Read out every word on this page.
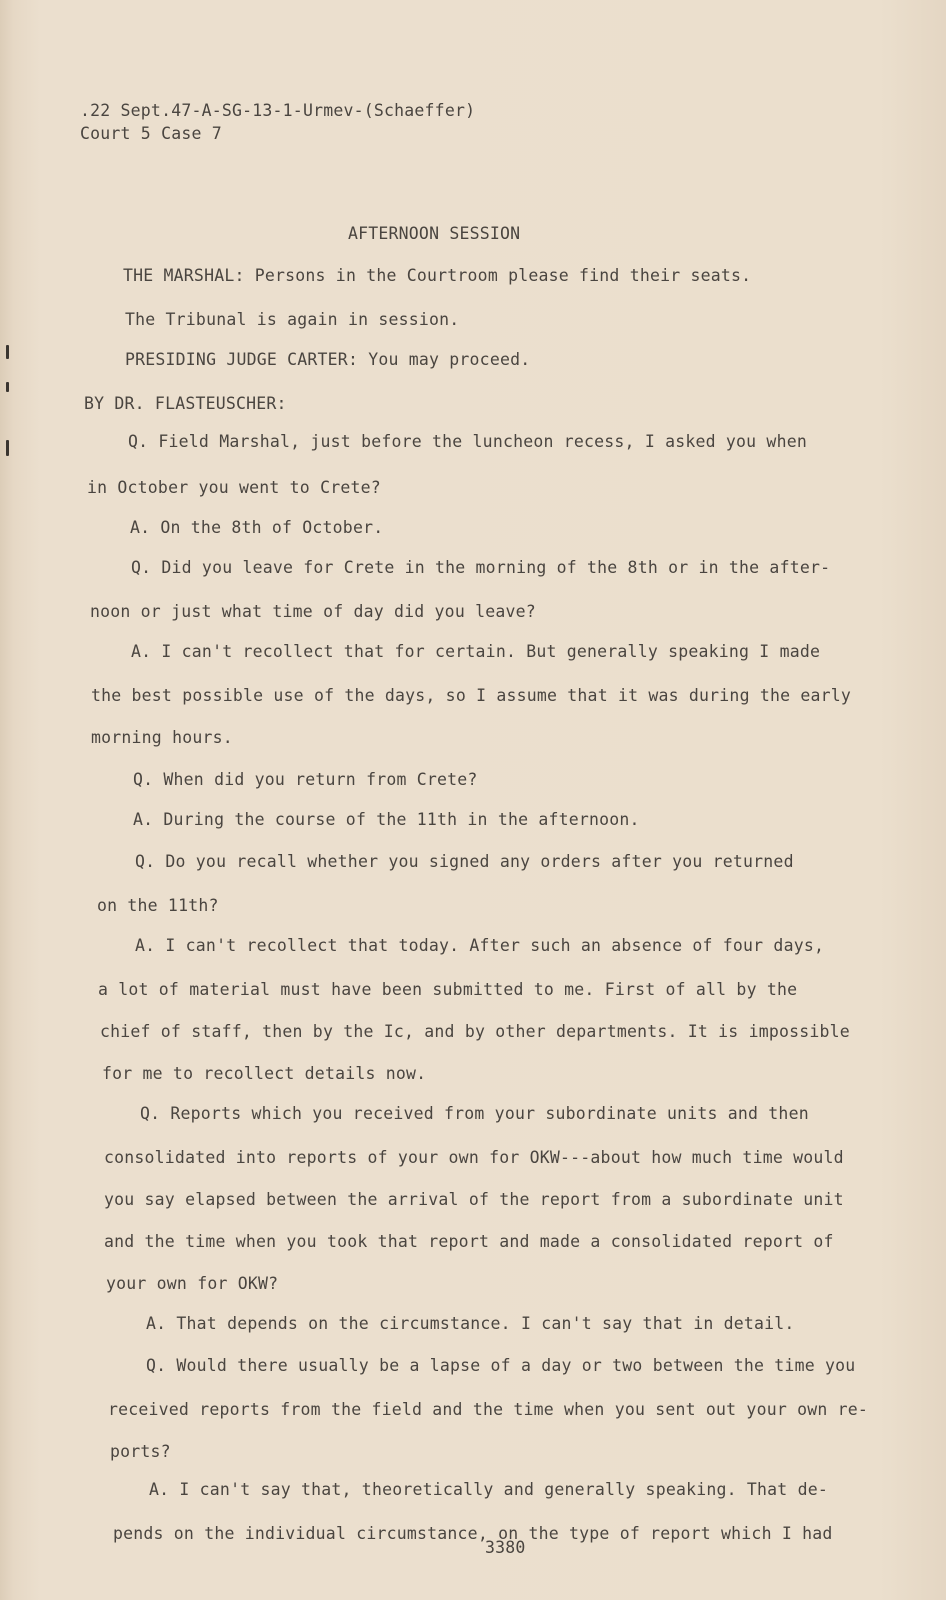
.22 Sept.47-A-SG-13-1-Urmev-(Schaeffer)
Court 5 Case 7
AFTERNOON SESSION
THE MARSHAL: Persons in the Courtroom please find their seats.
The Tribunal is again in session.
PRESIDING JUDGE CARTER: You may proceed.
BY DR. FLASTEUSCHER:
Q. Field Marshal, just before the luncheon recess, I asked you when
in October you went to Crete?
A. On the 8th of October.
Q. Did you leave for Crete in the morning of the 8th or in the after-
noon or just what time of day did you leave?
A. I can't recollect that for certain. But generally speaking I made
the best possible use of the days, so I assume that it was during the early
morning hours.
Q. When did you return from Crete?
A. During the course of the 11th in the afternoon.
Q. Do you recall whether you signed any orders after you returned
on the 11th?
A. I can't recollect that today. After such an absence of four days,
a lot of material must have been submitted to me. First of all by the
chief of staff, then by the Ic, and by other departments. It is impossible
for me to recollect details now.
Q. Reports which you received from your subordinate units and then
consolidated into reports of your own for OKW---about how much time would
you say elapsed between the arrival of the report from a subordinate unit
and the time when you took that report and made a consolidated report of
your own for OKW?
A. That depends on the circumstance. I can't say that in detail.
Q. Would there usually be a lapse of a day or two between the time you
received reports from the field and the time when you sent out your own re-
ports?
A. I can't say that, theoretically and generally speaking. That de-
pends on the individual circumstance, on the type of report which I had
3380
